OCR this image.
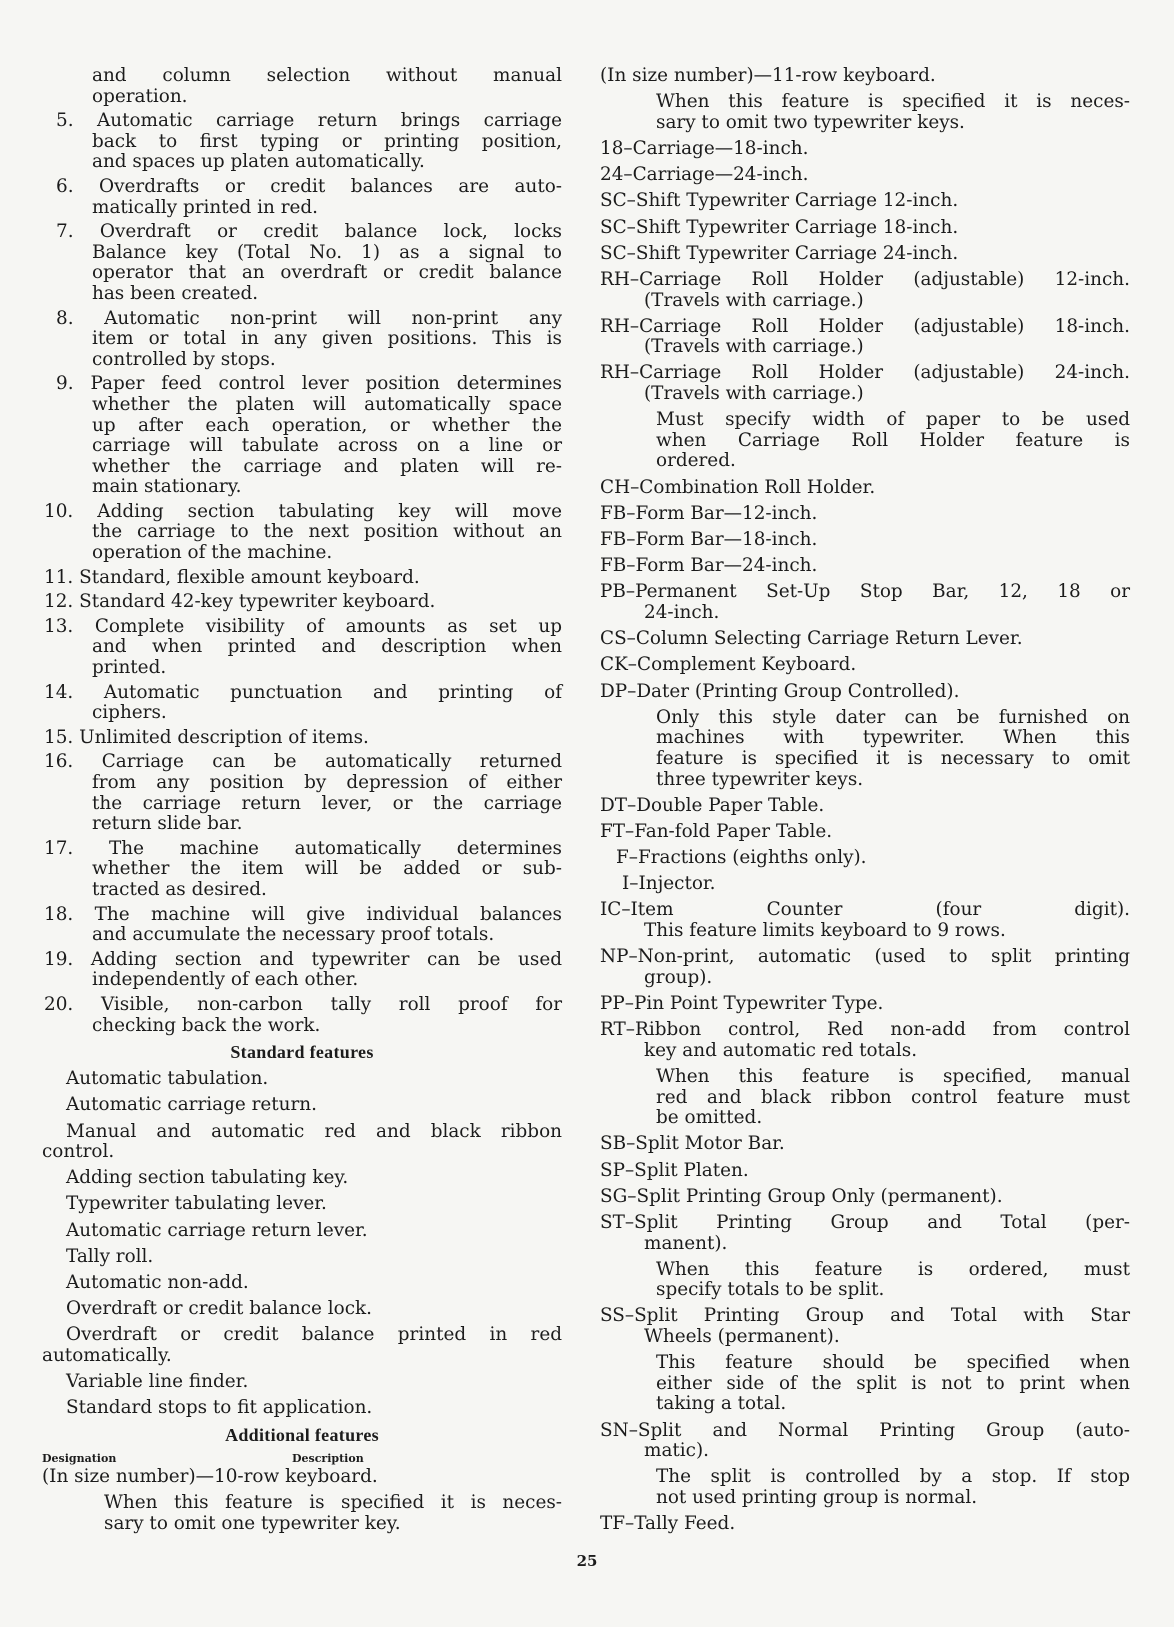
and column selection without manual
operation.
5. Automatic carriage return brings carriage
back to first typing or printing position,
and spaces up platen automatically.
6. Overdrafts or credit balances are auto-
matically printed in red.
7. Overdraft or credit balance lock, locks
Balance key (Total No. 1) as a signal to
operator that an overdraft or credit balance
has been created.
8. Automatic non-print will non-print any
item or total in any given positions. This is
controlled by stops.
9. Paper feed control lever position determines
whether the platen will automatically space
up after each operation, or whether the
carriage will tabulate across on a line or
whether the carriage and platen will re-
main stationary.
10. Adding section tabulating key will move
the carriage to the next position without an
operation of the machine.
11. Standard, flexible amount keyboard.
12. Standard 42-key typewriter keyboard.
13. Complete visibility of amounts as set up
and when printed and description when
printed.
14. Automatic punctuation and printing of
ciphers.
15. Unlimited description of items.
16. Carriage can be automatically returned
from any position by depression of either
the carriage return lever, or the carriage
return slide bar.
17. The machine automatically determines
whether the item will be added or sub-
tracted as desired.
18. The machine will give individual balances
and accumulate the necessary proof totals.
19. Adding section and typewriter can be used
independently of each other.
20. Visible, non-carbon tally roll proof for
checking back the work.
Standard features
Automatic tabulation.
Automatic carriage return.
Manual and automatic red and black ribbon
control.
Adding section tabulating key.
Typewriter tabulating lever.
Automatic carriage return lever.
Tally roll.
Automatic non-add.
Overdraft or credit balance lock.
Overdraft or credit balance printed in red
automatically.
Variable line finder.
Standard stops to fit application.
Additional features
Designation	Description
(In size number)—10-row keyboard.
When this feature is specified it is neces-
sary to omit one typewriter key.
(In size number)—11-row keyboard.
When this feature is specified it is neces-
sary to omit two typewriter keys.
18–Carriage—18-inch.
24–Carriage—24-inch.
SC–Shift Typewriter Carriage 12-inch.
SC–Shift Typewriter Carriage 18-inch.
SC–Shift Typewriter Carriage 24-inch.
RH–Carriage Roll Holder (adjustable) 12-inch.
(Travels with carriage.)
RH–Carriage Roll Holder (adjustable) 18-inch.
(Travels with carriage.)
RH–Carriage Roll Holder (adjustable) 24-inch.
(Travels with carriage.)
Must specify width of paper to be used
when Carriage Roll Holder feature is
ordered.
CH–Combination Roll Holder.
FB–Form Bar—12-inch.
FB–Form Bar—18-inch.
FB–Form Bar—24-inch.
PB–Permanent Set-Up Stop Bar, 12, 18 or
24-inch.
CS–Column Selecting Carriage Return Lever.
CK–Complement Keyboard.
DP–Dater (Printing Group Controlled).
Only this style dater can be furnished on
machines with typewriter. When this
feature is specified it is necessary to omit
three typewriter keys.
DT–Double Paper Table.
FT–Fan-fold Paper Table.
F–Fractions (eighths only).
I–Injector.
IC–Item Counter (four digit).
This feature limits keyboard to 9 rows.
NP–Non-print, automatic (used to split printing
group).
PP–Pin Point Typewriter Type.
RT–Ribbon control, Red non-add from control
key and automatic red totals.
When this feature is specified, manual
red and black ribbon control feature must
be omitted.
SB–Split Motor Bar.
SP–Split Platen.
SG–Split Printing Group Only (permanent).
ST–Split Printing Group and Total (per-
manent).
When this feature is ordered, must
specify totals to be split.
SS–Split Printing Group and Total with Star
Wheels (permanent).
This feature should be specified when
either side of the split is not to print when
taking a total.
SN–Split and Normal Printing Group (auto-
matic).
The split is controlled by a stop. If stop
not used printing group is normal.
TF–Tally Feed.
25
